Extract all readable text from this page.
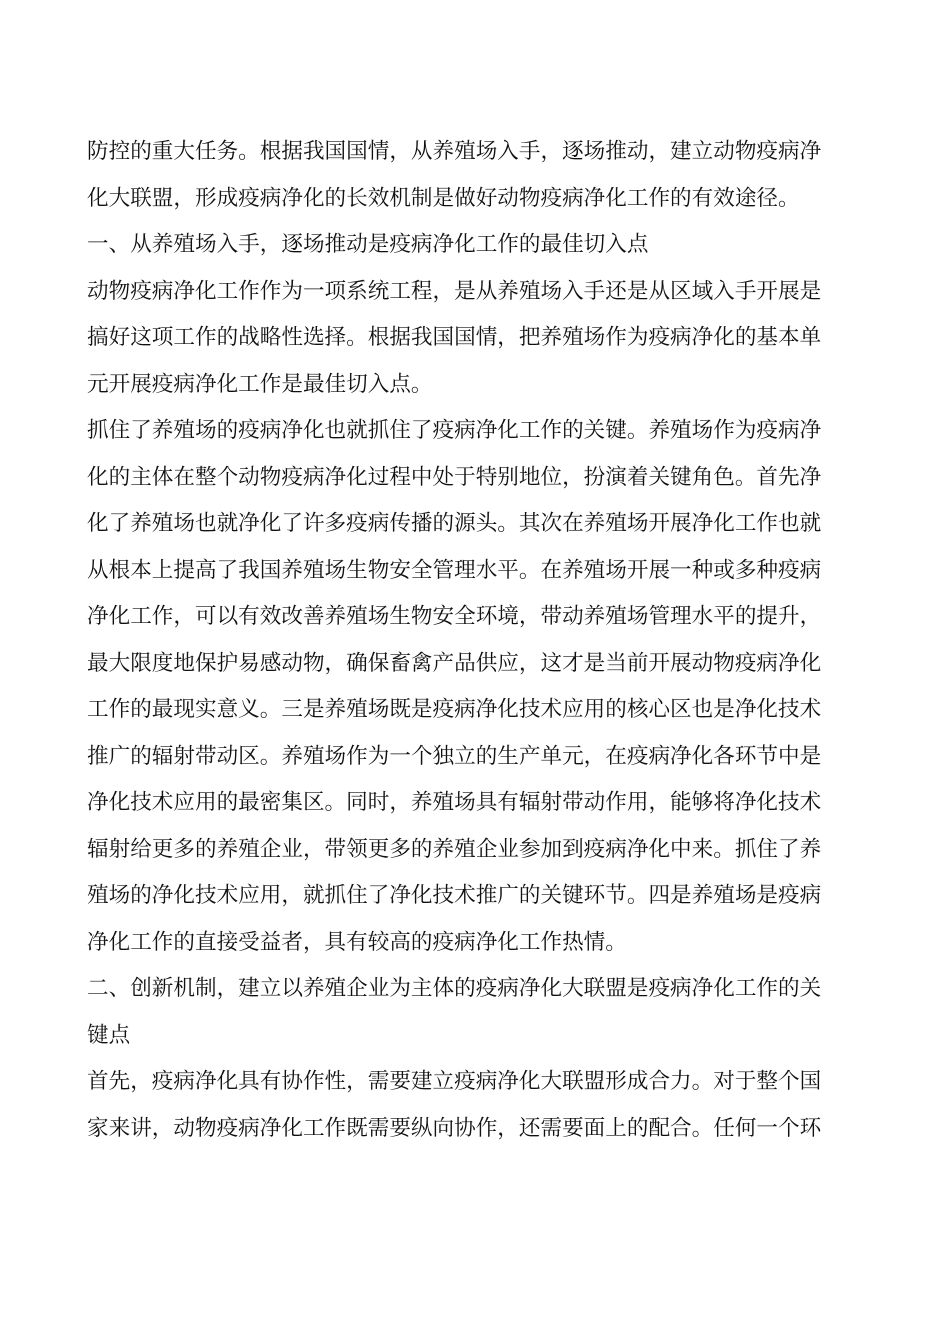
防控的重大任务。根据我国国情，从养殖场入手，逐场推动，建立动物疫病净
化大联盟，形成疫病净化的长效机制是做好动物疫病净化工作的有效途径。
一、从养殖场入手，逐场推动是疫病净化工作的最佳切入点
动物疫病净化工作作为一项系统工程，是从养殖场入手还是从区域入手开展是
搞好这项工作的战略性选择。根据我国国情，把养殖场作为疫病净化的基本单
元开展疫病净化工作是最佳切入点。
抓住了养殖场的疫病净化也就抓住了疫病净化工作的关键。养殖场作为疫病净
化的主体在整个动物疫病净化过程中处于特别地位，扮演着关键角色。首先净
化了养殖场也就净化了许多疫病传播的源头。其次在养殖场开展净化工作也就
从根本上提高了我国养殖场生物安全管理水平。在养殖场开展一种或多种疫病
净化工作，可以有效改善养殖场生物安全环境，带动养殖场管理水平的提升，
最大限度地保护易感动物，确保畜禽产品供应，这才是当前开展动物疫病净化
工作的最现实意义。三是养殖场既是疫病净化技术应用的核心区也是净化技术
推广的辐射带动区。养殖场作为一个独立的生产单元，在疫病净化各环节中是
净化技术应用的最密集区。同时，养殖场具有辐射带动作用，能够将净化技术
辐射给更多的养殖企业，带领更多的养殖企业参加到疫病净化中来。抓住了养
殖场的净化技术应用，就抓住了净化技术推广的关键环节。四是养殖场是疫病
净化工作的直接受益者，具有较高的疫病净化工作热情。
二、创新机制，建立以养殖企业为主体的疫病净化大联盟是疫病净化工作的关
键点
首先，疫病净化具有协作性，需要建立疫病净化大联盟形成合力。对于整个国
家来讲，动物疫病净化工作既需要纵向协作，还需要面上的配合。任何一个环
